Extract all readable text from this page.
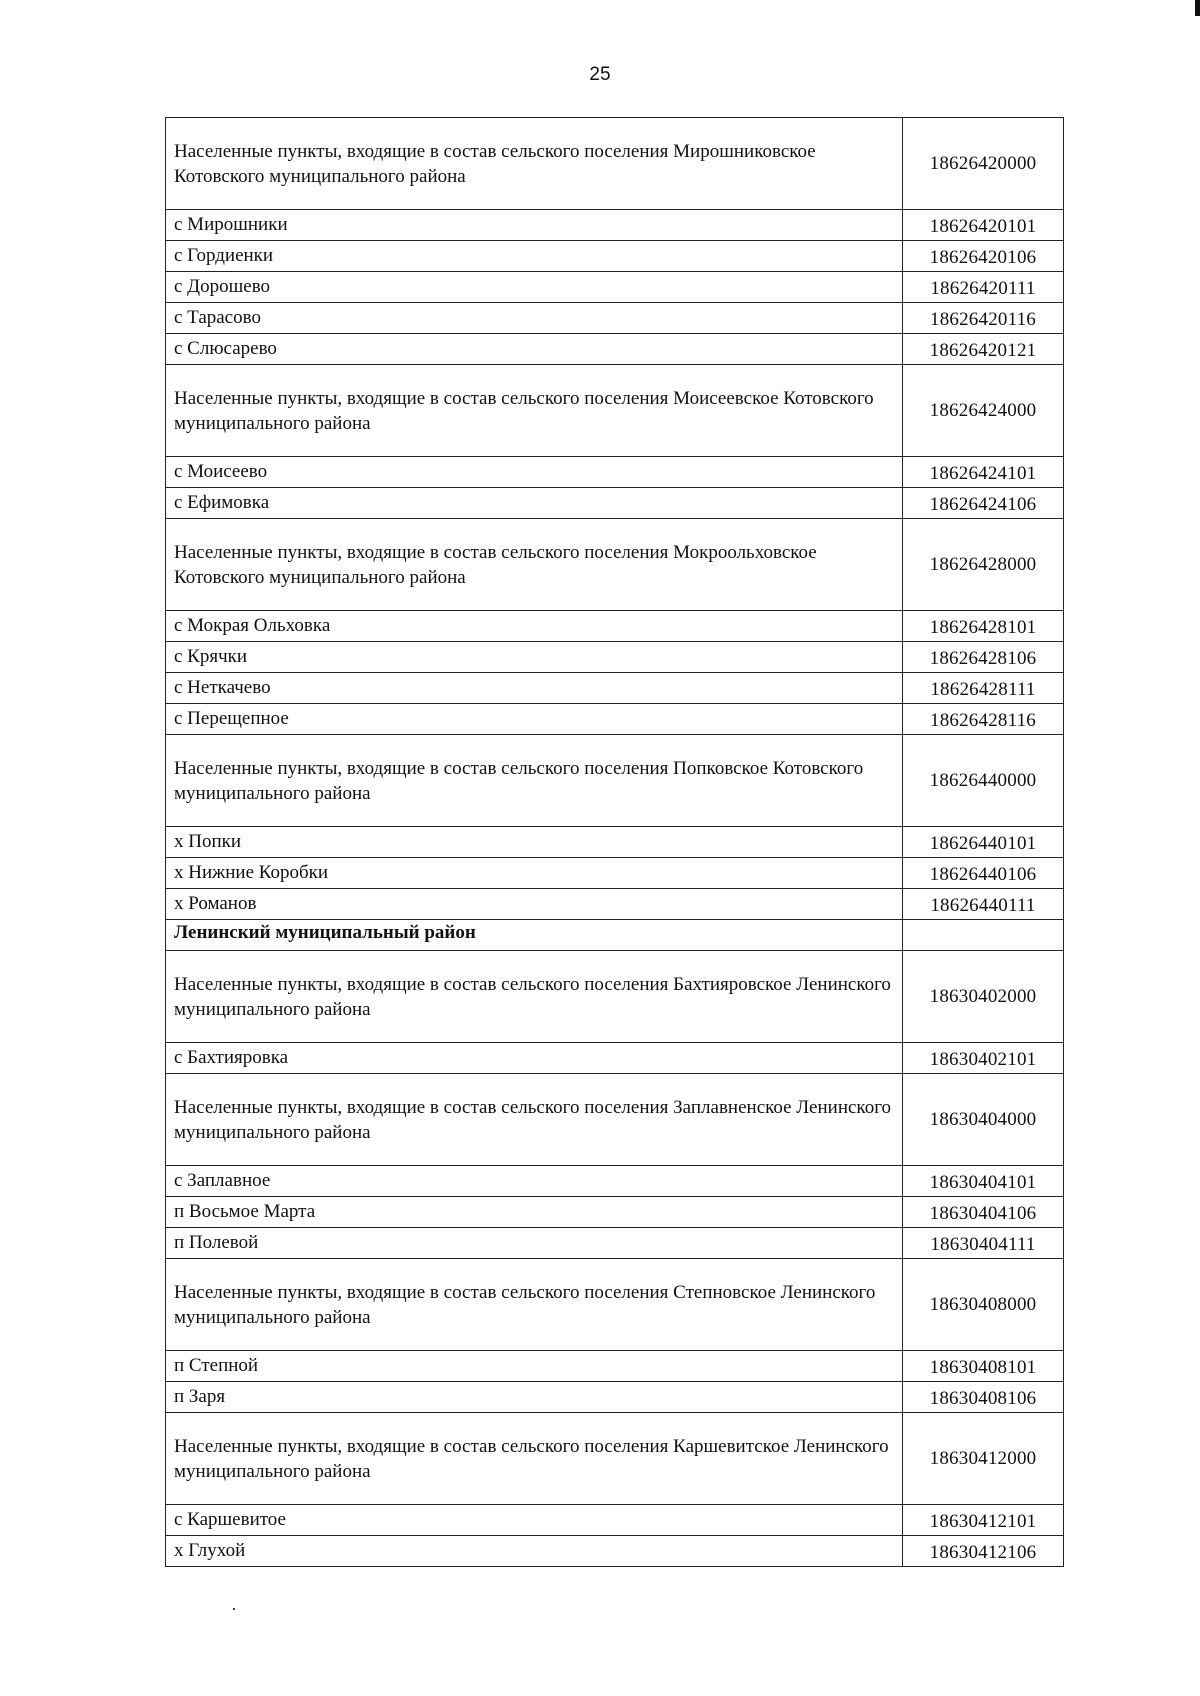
25
Населенные пункты, входящие в состав сельского поселения Мирошниковское Котовского муниципального района	18626420000
с Мирошники	18626420101
с Гордиенки	18626420106
с Дорошево	18626420111
с Тарасово	18626420116
с Слюсарево	18626420121
Населенные пункты, входящие в состав сельского поселения Моисеевское Котовского муниципального района	18626424000
с Моисеево	18626424101
с Ефимовка	18626424106
Населенные пункты, входящие в состав сельского поселения Мокроольховское Котовского муниципального района	18626428000
с Мокрая Ольховка	18626428101
с Крячки	18626428106
с Неткачево	18626428111
с Перещепное	18626428116
Населенные пункты, входящие в состав сельского поселения Попковское Котовского муниципального района	18626440000
х Попки	18626440101
х Нижние Коробки	18626440106
х Романов	18626440111
Ленинский муниципальный район	
Населенные пункты, входящие в состав сельского поселения Бахтияровское Ленинского муниципального района	18630402000
с Бахтияровка	18630402101
Населенные пункты, входящие в состав сельского поселения Заплавненское Ленинского муниципального района	18630404000
с Заплавное	18630404101
п Восьмое Марта	18630404106
п Полевой	18630404111
Населенные пункты, входящие в состав сельского поселения Степновское Ленинского муниципального района	18630408000
п Степной	18630408101
п Заря	18630408106
Населенные пункты, входящие в состав сельского поселения Каршевитское Ленинского муниципального района	18630412000
с Каршевитое	18630412101
х Глухой	18630412106
